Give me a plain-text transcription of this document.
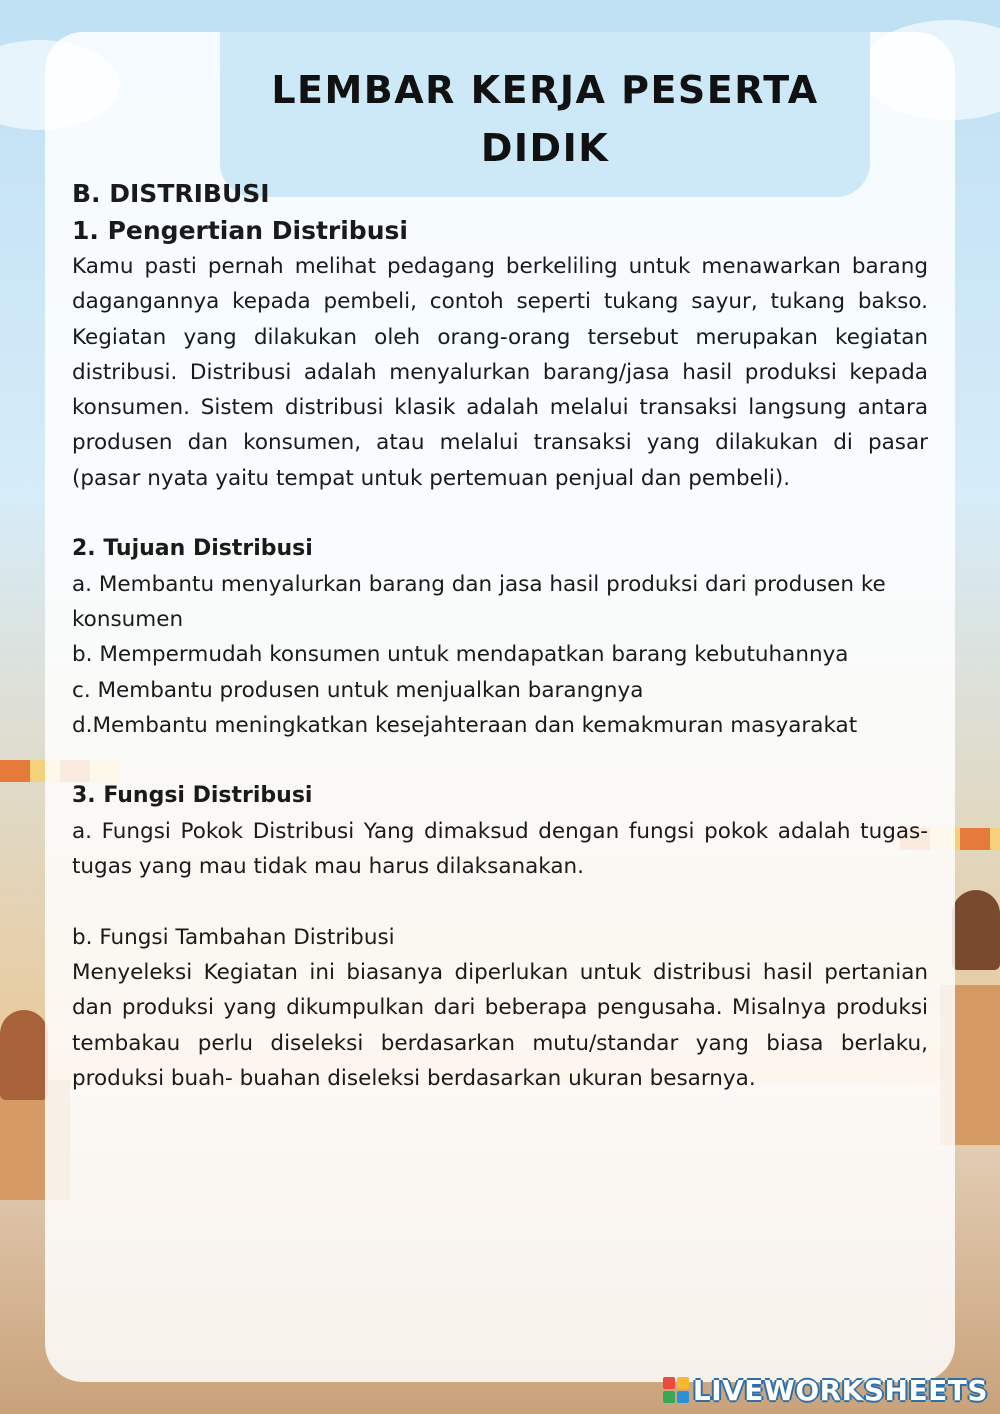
LEMBAR KERJA PESERTA DIDIK

B. DISTRIBUSI

1. Pengertian Distribusi

Kamu pasti pernah melihat pedagang berkeliling untuk menawarkan barang dagangannya kepada pembeli, contoh seperti tukang sayur, tukang bakso. Kegiatan yang dilakukan oleh orang-orang tersebut merupakan kegiatan distribusi. Distribusi adalah menyalurkan barang/jasa hasil produksi kepada konsumen. Sistem distribusi klasik adalah melalui transaksi langsung antara produsen dan konsumen, atau melalui transaksi yang dilakukan di pasar (pasar nyata yaitu tempat untuk pertemuan penjual dan pembeli).

2. Tujuan Distribusi

a. Membantu menyalurkan barang dan jasa hasil produksi dari produsen ke konsumen

b. Mempermudah konsumen untuk mendapatkan barang kebutuhannya

c. Membantu produsen untuk menjualkan barangnya

d.Membantu meningkatkan kesejahteraan dan kemakmuran masyarakat

3. Fungsi Distribusi

a. Fungsi Pokok Distribusi Yang dimaksud dengan fungsi pokok adalah tugas-tugas yang mau tidak mau harus dilaksanakan.

b. Fungsi Tambahan Distribusi

Menyeleksi Kegiatan ini biasanya diperlukan untuk distribusi hasil pertanian dan produksi yang dikumpulkan dari beberapa pengusaha. Misalnya produksi tembakau perlu diseleksi berdasarkan mutu/standar yang biasa berlaku, produksi buah- buahan diseleksi berdasarkan ukuran besarnya.

LIVEWORKSHEETS
